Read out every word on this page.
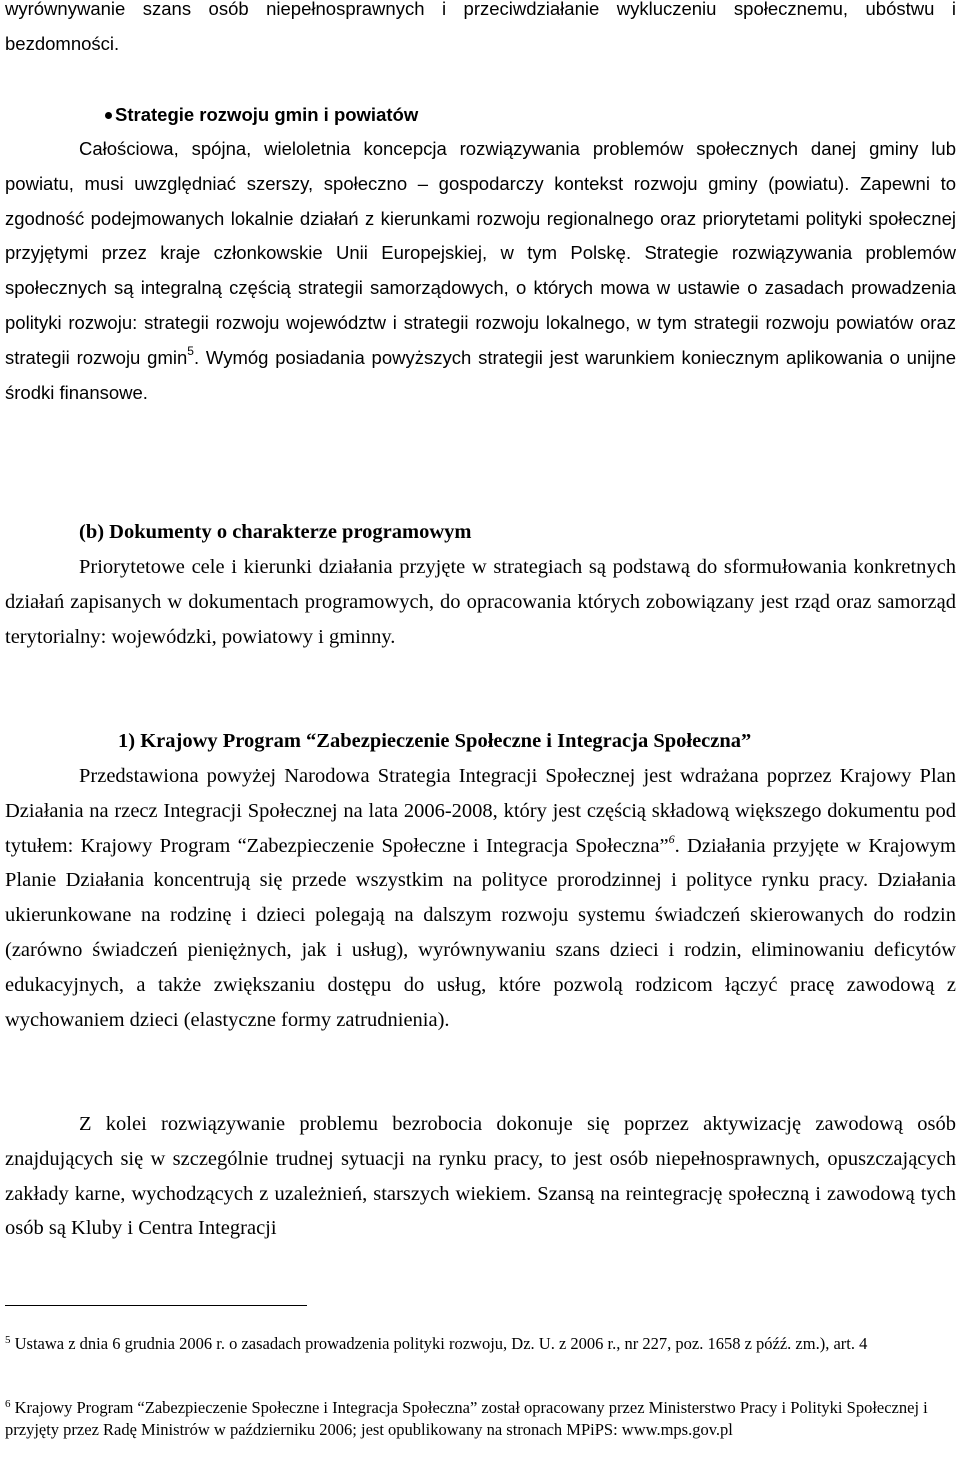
wyrównywanie szans osób niepełnosprawnych i przeciwdziałanie wykluczeniu społecznemu, ubóstwu i bezdomności.

Strategie rozwoju gmin i powiatów

Całościowa, spójna, wieloletnia koncepcja rozwiązywania problemów społecznych danej gminy lub powiatu, musi uwzględniać szerszy, społeczno – gospodarczy kontekst rozwoju gminy (powiatu). Zapewni to zgodność podejmowanych lokalnie działań z kierunkami rozwoju regionalnego oraz priorytetami polityki społecznej przyjętymi przez kraje członkowskie Unii Europejskiej, w tym Polskę. Strategie rozwiązywania problemów społecznych są integralną częścią strategii samorządowych, o których mowa w ustawie o zasadach prowadzenia polityki rozwoju: strategii rozwoju województw i strategii rozwoju lokalnego, w tym strategii rozwoju powiatów oraz strategii rozwoju gmin$^5$. Wymóg posiadania powyższych strategii jest warunkiem koniecznym aplikowania o unijne środki finansowe.

(b) Dokumenty o charakterze programowym

Priorytetowe cele i kierunki działania przyjęte w strategiach są podstawą do sformułowania konkretnych działań zapisanych w dokumentach programowych, do opracowania których zobowiązany jest rząd oraz samorząd terytorialny: wojewódzki, powiatowy i gminny.

1) Krajowy Program “Zabezpieczenie Społeczne i Integracja Społeczna”

Przedstawiona powyżej Narodowa Strategia Integracji Społecznej jest wdrażana poprzez Krajowy Plan Działania na rzecz Integracji Społecznej na lata 2006-2008, który jest częścią składową większego dokumentu pod tytułem: Krajowy Program “Zabezpieczenie Społeczne i Integracja Społeczna”$^6$. Działania przyjęte w Krajowym Planie Działania koncentrują się przede wszystkim na polityce prorodzinnej i polityce rynku pracy. Działania ukierunkowane na rodzinę i dzieci polegają na dalszym rozwoju systemu świadczeń skierowanych do rodzin (zarówno świadczeń pieniężnych, jak i usług), wyrównywaniu szans dzieci i rodzin, eliminowaniu deficytów edukacyjnych, a także zwiększaniu dostępu do usług, które pozwolą rodzicom łączyć pracę zawodową z wychowaniem dzieci (elastyczne formy zatrudnienia).

Z kolei rozwiązywanie problemu bezrobocia dokonuje się poprzez aktywizację zawodową osób znajdujących się w szczególnie trudnej sytuacji na rynku pracy, to jest osób niepełnosprawnych, opuszczających zakłady karne, wychodzących z uzależnień, starszych wiekiem. Szansą na reintegrację społeczną i zawodową tych osób są Kluby i Centra Integracji

$^5$ Ustawa z dnia 6 grudnia 2006 r. o zasadach prowadzenia polityki rozwoju, Dz. U. z 2006 r., nr 227, poz. 1658 z późź. zm.), art. 4

$^6$ Krajowy Program “Zabezpieczenie Społeczne i Integracja Społeczna” został opracowany przez Ministerstwo Pracy i Polityki Społecznej i przyjęty przez Radę Ministrów w październiku 2006; jest opublikowany na stronach MPiPS: www.mps.gov.pl
